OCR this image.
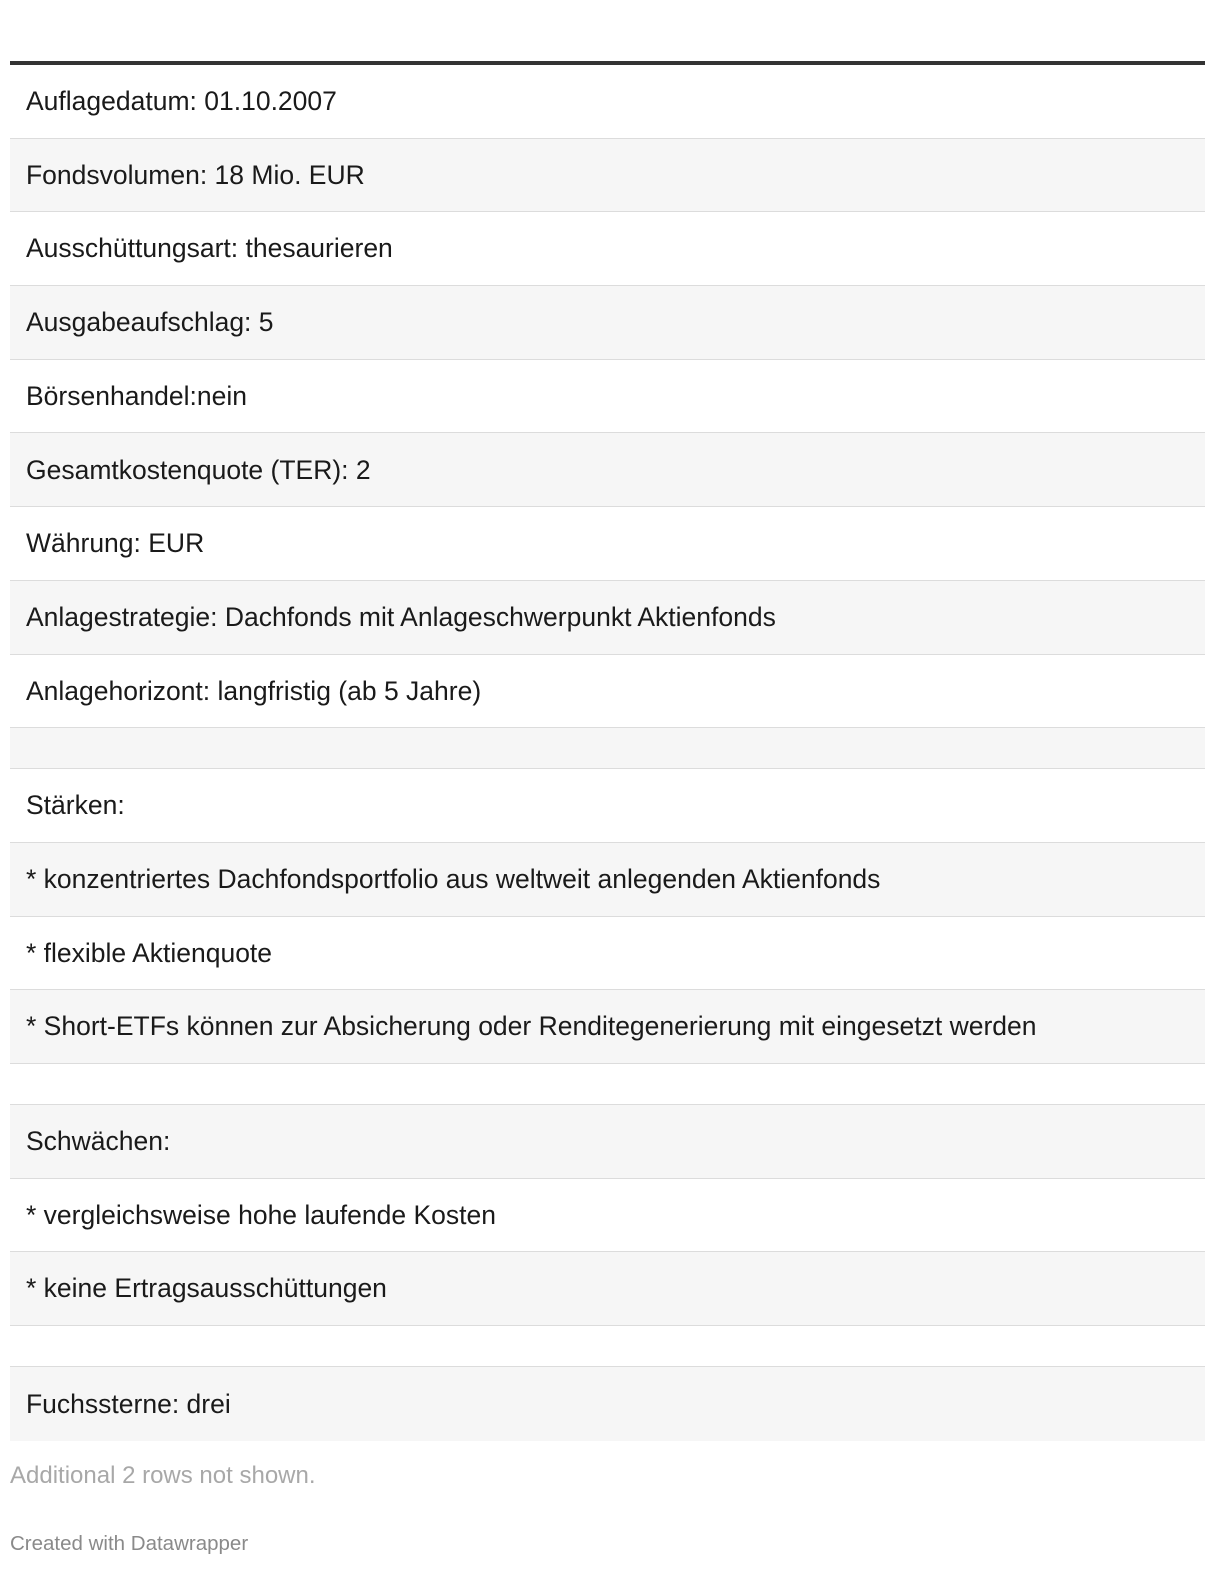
Auflagedatum: 01.10.2007
Fondsvolumen: 18 Mio. EUR
Ausschüttungsart: thesaurieren
Ausgabeaufschlag: 5
Börsenhandel:nein
Gesamtkostenquote (TER): 2
Währung: EUR
Anlagestrategie: Dachfonds mit Anlageschwerpunkt Aktienfonds
Anlagehorizont: langfristig (ab 5 Jahre)
Stärken:
* konzentriertes Dachfondsportfolio aus weltweit anlegenden Aktienfonds
* flexible Aktienquote
* Short-ETFs können zur Absicherung oder Renditegenerierung mit eingesetzt werden
Schwächen:
* vergleichsweise hohe laufende Kosten
* keine Ertragsausschüttungen
Fuchssterne: drei
Additional 2 rows not shown.
Created with Datawrapper
